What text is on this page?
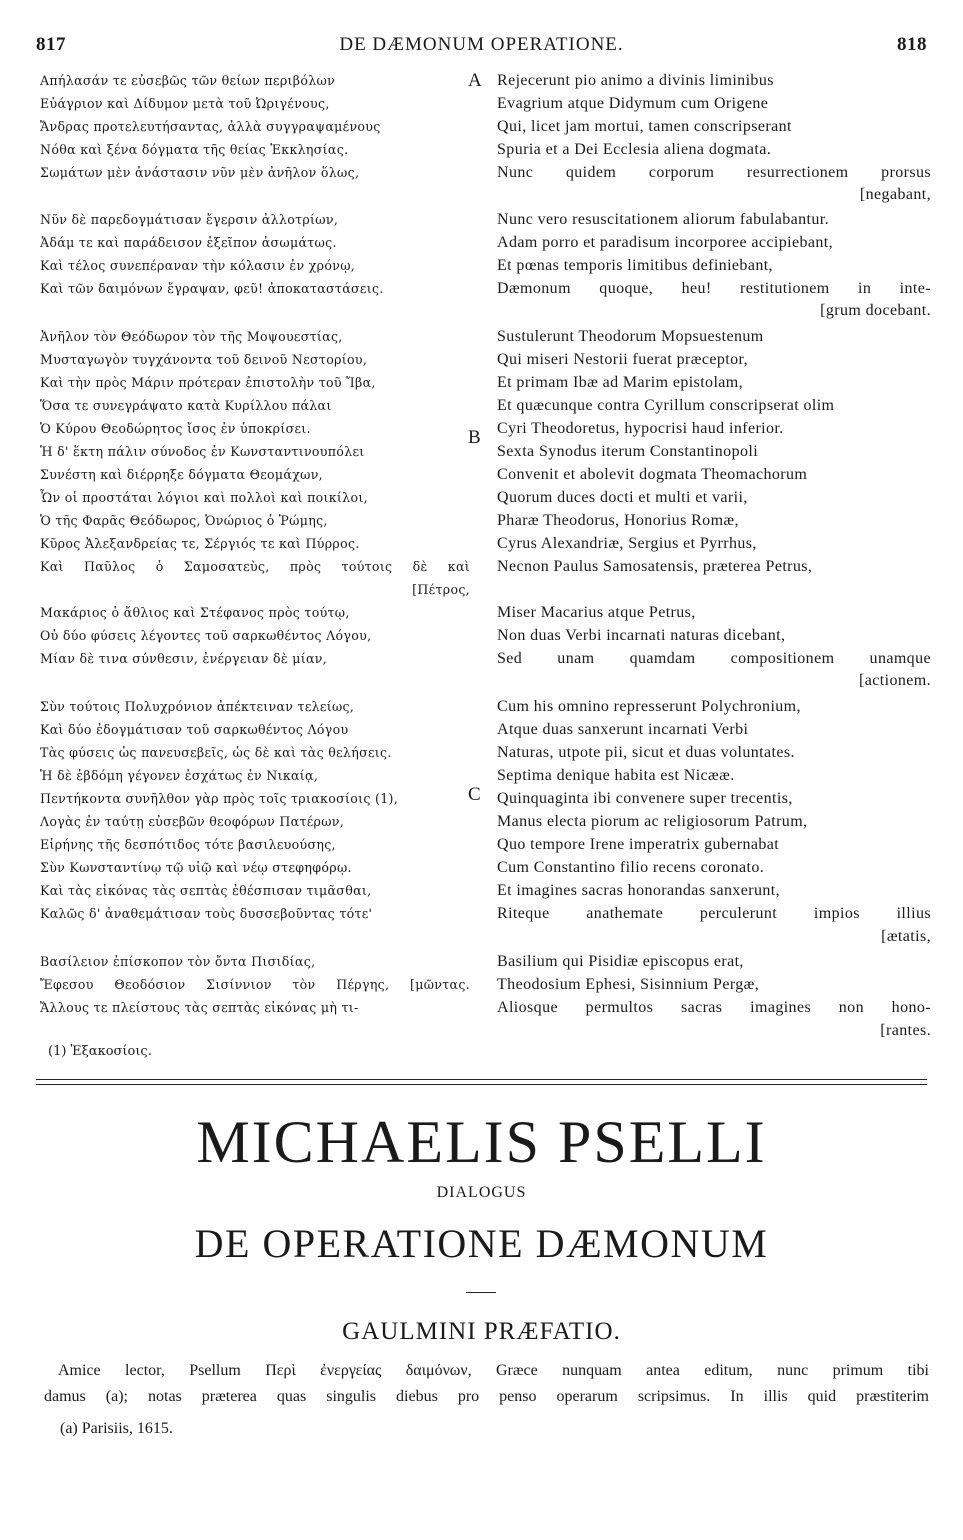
817	DE DÆMONUM OPERATIONE.	818
Απήλασάν τε εὐσεβῶς τῶν θείων περιβόλων
Εὐάγριον καὶ Δίδυμον μετὰ τοῦ Ὠριγένους,
Ἄνδρας προτελευτήσαντας, ἀλλὰ συγγραψαμένους
Νόθα καὶ ξένα δόγματα τῆς θείας Ἐκκλησίας.
Σωμάτων μὲν ἀνάστασιν νῦν μὲν ἀνῆλον ὅλως,
Νῦν δὲ παρεδογμάτισαν ἔγερσιν ἀλλοτρίων,
Ἀδάμ τε καὶ παράδεισον ἐξεῖπον ἀσωμάτως.
Καὶ τέλος συνεπέραναν τὴν κόλασιν ἐν χρόνῳ,
Καὶ τῶν δαιμόνων ἔγραψαν, φεῦ! ἀποκαταστάσεις.
Ἀνῆλον τὸν Θεόδωρον τὸν τῆς Μοψουεστίας,
Μυσταγωγὸν τυγχάνοντα τοῦ δεινοῦ Νεστορίου,
Καὶ τὴν πρὸς Μάριν πρότεραν ἐπιστολὴν τοῦ Ἴβα,
Ὅσα τε συνεγράψατο κατὰ Κυρίλλου πάλαι
Ὁ Κύρου Θεοδώρητος ἴσος ἐν ὑποκρίσει.
Ἡ δ' ἕκτη πάλιν σύνοδος ἐν Κωνσταντινουπόλει
Συνέστη καὶ διέρρηξε δόγματα Θεομάχων,
Ὧν οἱ προστάται λόγιοι καὶ πολλοὶ καὶ ποικίλοι,
Ὁ τῆς Φαρᾶς Θεόδωρος, Ὀνώριος ὁ Ῥώμης,
Κῦρος Ἀλεξανδρείας τε, Σέργιός τε καὶ Πύρρος.
Καὶ Παῦλος ὁ Σαμοσατεὺς, πρὸς τούτοις δὲ καὶ
[Πέτρος,
Μακάριος ὁ ἄθλιος καὶ Στέφανος πρὸς τούτῳ,
Οὐ δύο φύσεις λέγοντες τοῦ σαρκωθέντος Λόγου,
Μίαν δὲ τινα σύνθεσιν, ἐνέργειαν δὲ μίαν,
Σὺν τούτοις Πολυχρόνιον ἀπέκτειναν τελείως,
Καὶ δύο ἐδογμάτισαν τοῦ σαρκωθέντος Λόγου
Τὰς φύσεις ὡς πανευσεβεῖς, ὡς δὲ καὶ τὰς θελήσεις.
Ἡ δὲ ἑβδόμη γέγονεν ἐσχάτως ἐν Νικαίᾳ,
Πεντήκοντα συνῆλθον γὰρ πρὸς τοῖς τριακοσίοις (1),
Λογὰς ἐν ταύτῃ εὐσεβῶν θεοφόρων Πατέρων,
Εἰρήνης τῆς δεσπότιδος τότε βασιλευούσης,
Σὺν Κωνσταντίνῳ τῷ υἱῷ καὶ νέῳ στεφηφόρῳ.
Καὶ τὰς εἰκόνας τὰς σεπτὰς ἐθέσπισαν τιμᾶσθαι,
Καλῶς δ' ἀναθεμάτισαν τοὺς δυσσεβοῦντας τότε'
Βασίλειον ἐπίσκοπον τὸν ὄντα Πισιδίας,
Ἔφεσου Θεοδόσιον Σισίννιον τὸν Πέργης, [μῶντας.
Ἄλλους τε πλείστους τὰς σεπτὰς εἰκόνας μὴ τι-
Rejecerunt pio animo a divinis liminibus
Evagrium atque Didymum cum Origene
Qui, licet jam mortui, tamen conscripserant
Spuria et a Dei Ecclesia aliena dogmata.
Nunc quidem corporum resurrectionem prorsus
[negabant,
Nunc vero resuscitationem aliorum fabulabantur.
Adam porro et paradisum incorporee accipiebant,
Et pœnas temporis limitibus definiebant,
Dæmonum quoque, heu! restitutionem in inte-
[grum docebant.
Sustulerunt Theodorum Mopsuestenum
Qui miseri Nestorii fuerat præceptor,
Et primam Ibæ ad Marim epistolam,
Et quæcunque contra Cyrillum conscripserat olim
Cyri Theodoretus, hypocrisi haud inferior.
Sexta Synodus iterum Constantinopoli
Convenit et abolevit dogmata Theomachorum
Quorum duces docti et multi et varii,
Pharæ Theodorus, Honorius Romæ,
Cyrus Alexandriæ, Sergius et Pyrrhus,
Necnon Paulus Samosatensis, præterea Petrus,
Miser Macarius atque Petrus,
Non duas Verbi incarnati naturas dicebant,
Sed unam quamdam compositionem unamque
[actionem.
Cum his omnino represserunt Polychronium,
Atque duas sanxerunt incarnati Verbi
Naturas, utpote pii, sicut et duas voluntates.
Septima denique habita est Nicææ.
Quinquaginta ibi convenere super trecentis,
Manus electa piorum ac religiosorum Patrum,
Quo tempore Irene imperatrix gubernabat
Cum Constantino filio recens coronato.
Et imagines sacras honorandas sanxerunt,
Riteque anathemate perculerunt impios illius
[ætatis,
Basilium qui Pisidiæ episcopus erat,
Theodosium Ephesi, Sisinnium Pergæ,
Aliosque permultos sacras imagines non hono-
[rantes.
A
B
C
(1) Ἐξακοσίοις.
MICHAELIS PSELLI
DIALOGUS
DE OPERATIONE DÆMONUM
GAULMINI PRÆFATIO.
Amice lector, Psellum Περὶ ἐνεργείας δαιμόνων, Græce nunquam antea editum, nunc primum tibi
damus (a); notas præterea quas singulis diebus pro penso operarum scripsimus. In illis quid præstiterim
(a) Parisiis, 1615.
